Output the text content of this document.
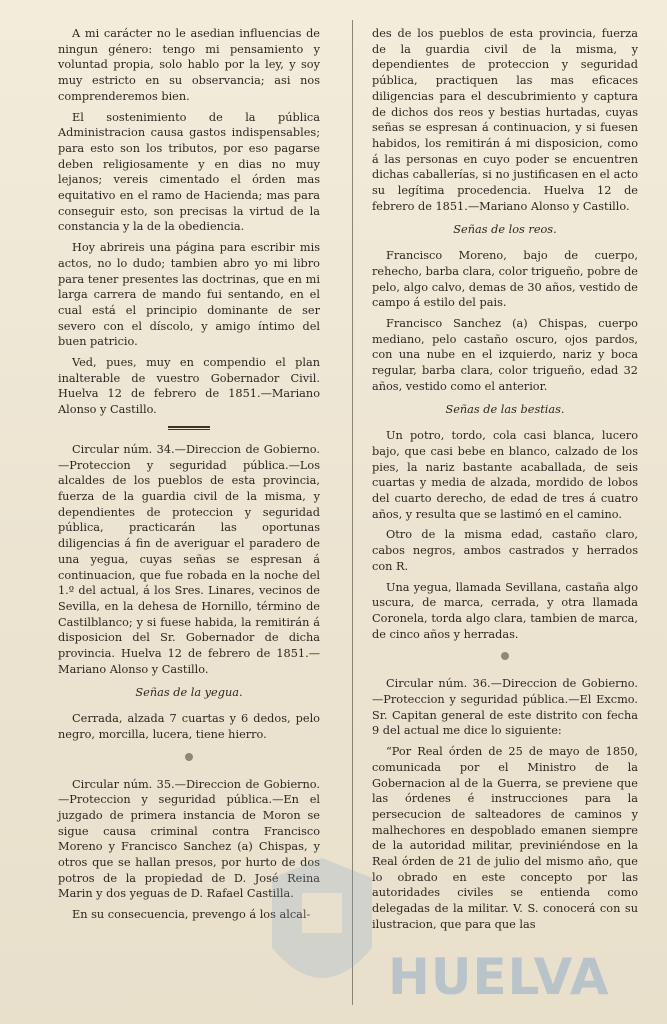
A mi carácter no le asedian influencias de ningun género: tengo mi pensamiento y voluntad propia, solo hablo por la ley, y soy muy estricto en su observancia; asi nos comprenderemos bien.

El sostenimiento de la pública Administracion causa gastos indispensables; para esto son los tributos, por eso pagarse deben religiosamente y en dias no muy lejanos; vereis cimentado el órden mas equitativo en el ramo de Hacienda; mas para conseguir esto, son precisas la virtud de la constancia y la de la obediencia.

Hoy abrireis una página para escribir mis actos, no lo dudo; tambien abro yo mi libro para tener presentes las doctrinas, que en mi larga carrera de mando fui sentando, en el cual está el principio dominante de ser severo con el díscolo, y amigo íntimo del buen patricio.

Ved, pues, muy en compendio el plan inalterable de vuestro Gobernador Civil. Huelva 12 de febrero de 1851.—Mariano Alonso y Castillo.

Circular núm. 34.—Direccion de Gobierno.—Proteccion y seguridad pública.—Los alcaldes de los pueblos de esta provincia, fuerza de la guardia civil de la misma, y dependientes de proteccion y seguridad pública, practicarán las oportunas diligencias á fin de averiguar el paradero de una yegua, cuyas señas se espresan á continuacion, que fue robada en la noche del 1.º del actual, á los Sres. Linares, vecinos de Sevilla, en la dehesa de Hornillo, término de Castilblanco; y si fuese habida, la remitirán á disposicion del Sr. Gobernador de dicha provincia. Huelva 12 de febrero de 1851.—Mariano Alonso y Castillo.

Señas de la yegua.

Cerrada, alzada 7 cuartas y 6 dedos, pelo negro, morcilla, lucera, tiene hierro.

Circular núm. 35.—Direccion de Gobierno.—Proteccion y seguridad pública.—En el juzgado de primera instancia de Moron se sigue causa criminal contra Francisco Moreno y Francisco Sanchez (a) Chispas, y otros que se hallan presos, por hurto de dos potros de la propiedad de D. José Reina Marin y dos yeguas de D. Rafael Castilla.

En su consecuencia, prevengo á los alcal-

des de los pueblos de esta provincia, fuerza de la guardia civil de la misma, y dependientes de proteccion y seguridad pública, practiquen las mas eficaces diligencias para el descubrimiento y captura de dichos dos reos y bestias hurtadas, cuyas señas se espresan á continuacion, y si fuesen habidos, los remitirán á mi disposicion, como á las personas en cuyo poder se encuentren dichas caballerías, si no justificasen en el acto su legítima procedencia. Huelva 12 de febrero de 1851.—Mariano Alonso y Castillo.

Señas de los reos.

Francisco Moreno, bajo de cuerpo, rehecho, barba clara, color trigueño, pobre de pelo, algo calvo, demas de 30 años, vestido de campo á estilo del pais.

Francisco Sanchez (a) Chispas, cuerpo mediano, pelo castaño oscuro, ojos pardos, con una nube en el izquierdo, nariz y boca regular, barba clara, color trigueño, edad 32 años, vestido como el anterior.

Señas de las bestias.

Un potro, tordo, cola casi blanca, lucero bajo, que casi bebe en blanco, calzado de los pies, la nariz bastante acaballada, de seis cuartas y media de alzada, mordido de lobos del cuarto derecho, de edad de tres á cuatro años, y resulta que se lastimó en el camino.

Otro de la misma edad, castaño claro, cabos negros, ambos castrados y herrados con R.

Una yegua, llamada Sevillana, castaña algo uscura, de marca, cerrada, y otra llamada Coronela, torda algo clara, tambien de marca, de cinco años y herradas.

Circular núm. 36.—Direccion de Gobierno.—Proteccion y seguridad pública.—El Excmo. Sr. Capitan general de este distrito con fecha 9 del actual me dice lo siguiente:

“Por Real órden de 25 de mayo de 1850, comunicada por el Ministro de la Gobernacion al de la Guerra, se previene que las órdenes é instrucciones para la persecucion de salteadores de caminos y malhechores en despoblado emanen siempre de la autoridad militar, previniéndose en la Real órden de 21 de julio del mismo año, que lo obrado en este concepto por las autoridades civiles se entienda como delegadas de la militar. V. S. conocerá con su ilustracion, que para que las

HUELVA
